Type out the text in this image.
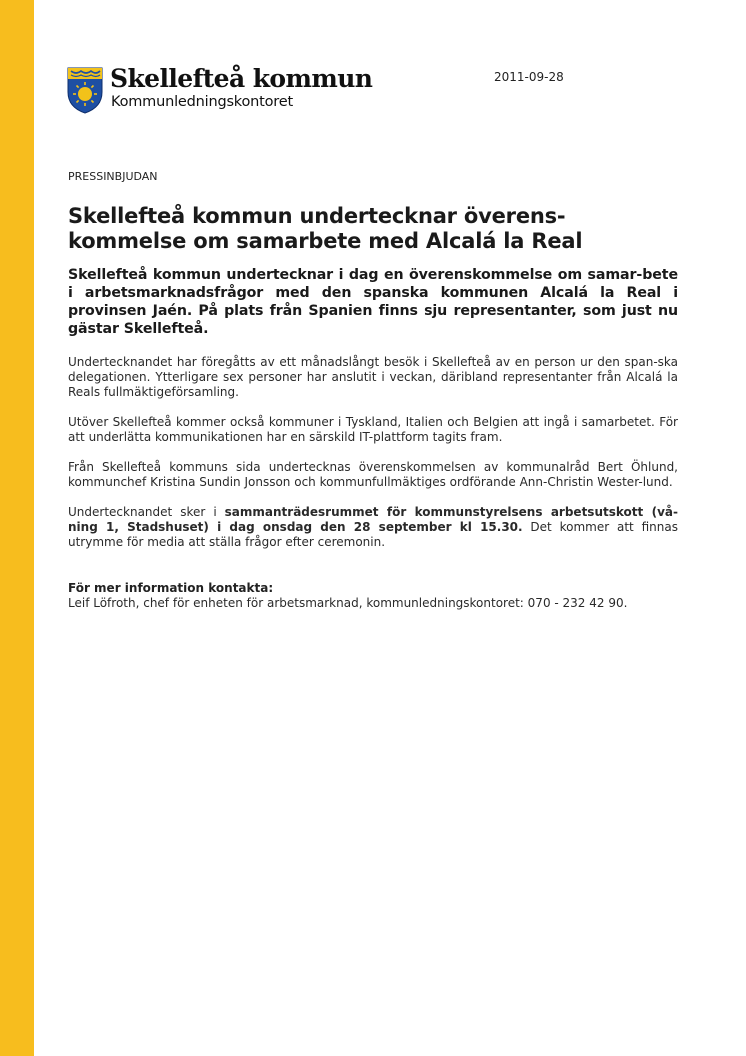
Skellefteå kommun
Kommunledningskontoret
2011-09-28
PRESSINBJUDAN
Skellefteå kommun undertecknar överens-
kommelse om samarbete med Alcalá la Real

Skellefteå kommun undertecknar i dag en överenskommelse om samar-bete i arbetsmarknadsfrågor med den spanska kommunen Alcalá la Real i provinsen Jaén. På plats från Spanien finns sju representanter, som just nu gästar Skellefteå.

Undertecknandet har föregåtts av ett månadslångt besök i Skellefteå av en person ur den span-ska delegationen. Ytterligare sex personer har anslutit i veckan, däribland representanter från Alcalá la Reals fullmäktigeförsamling.

Utöver Skellefteå kommer också kommuner i Tyskland, Italien och Belgien att ingå i samarbetet. För att underlätta kommunikationen har en särskild IT-plattform tagits fram.

Från Skellefteå kommuns sida undertecknas överenskommelsen av kommunalråd Bert Öhlund, kommunchef Kristina Sundin Jonsson och kommunfullmäktiges ordförande Ann-Christin Wester-lund.

Undertecknandet sker i sammanträdesrummet för kommunstyrelsens arbetsutskott (vå-ning 1, Stadshuset) i dag onsdag den 28 september kl 15.30. Det kommer att finnas utrymme för media att ställa frågor efter ceremonin.

För mer information kontakta:
Leif Löfroth, chef för enheten för arbetsmarknad, kommunledningskontoret: 070 - 232 42 90.
